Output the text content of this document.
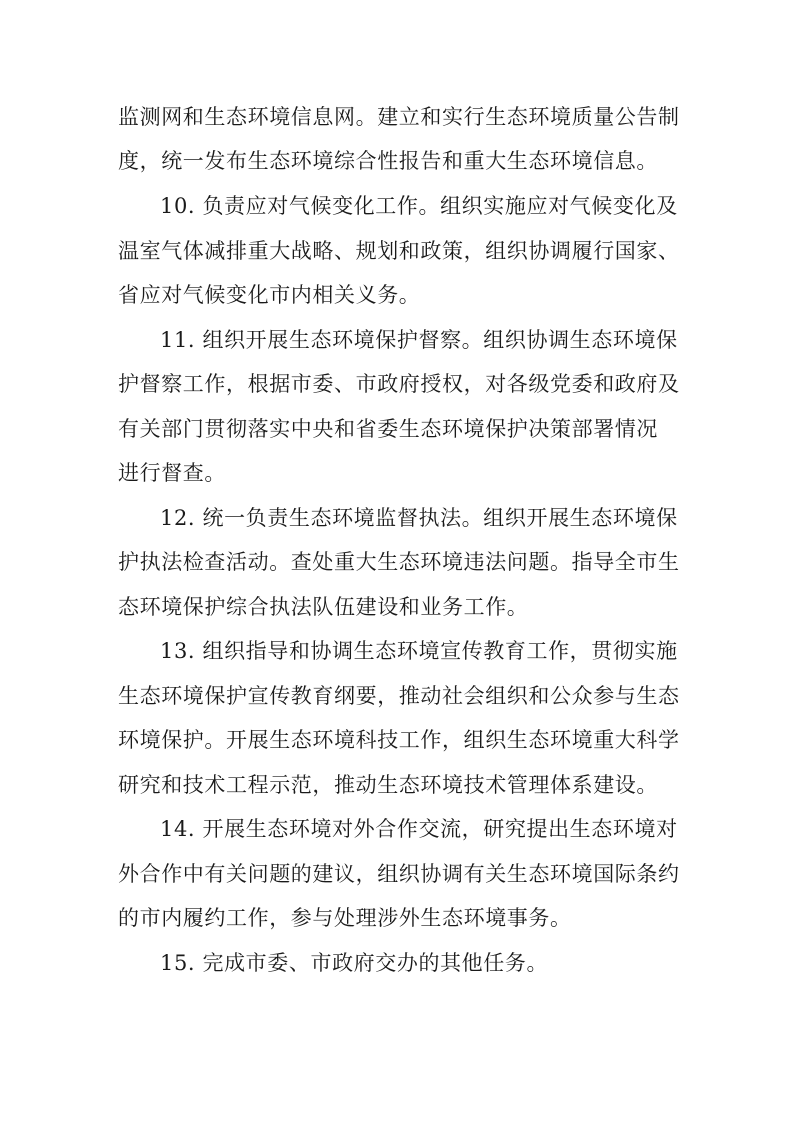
监测网和生态环境信息网。建立和实行生态环境质量公告制
度，统一发布生态环境综合性报告和重大生态环境信息。
10. 负责应对气候变化工作。组织实施应对气候变化及
温室气体减排重大战略、规划和政策，组织协调履行国家、
省应对气候变化市内相关义务。
11. 组织开展生态环境保护督察。组织协调生态环境保
护督察工作，根据市委、市政府授权，对各级党委和政府及
有关部门贯彻落实中央和省委生态环境保护决策部署情况
进行督查。
12. 统一负责生态环境监督执法。组织开展生态环境保
护执法检查活动。查处重大生态环境违法问题。指导全市生
态环境保护综合执法队伍建设和业务工作。
13. 组织指导和协调生态环境宣传教育工作，贯彻实施
生态环境保护宣传教育纲要，推动社会组织和公众参与生态
环境保护。开展生态环境科技工作，组织生态环境重大科学
研究和技术工程示范，推动生态环境技术管理体系建设。
14. 开展生态环境对外合作交流，研究提出生态环境对
外合作中有关问题的建议，组织协调有关生态环境国际条约
的市内履约工作，参与处理涉外生态环境事务。
15. 完成市委、市政府交办的其他任务。
